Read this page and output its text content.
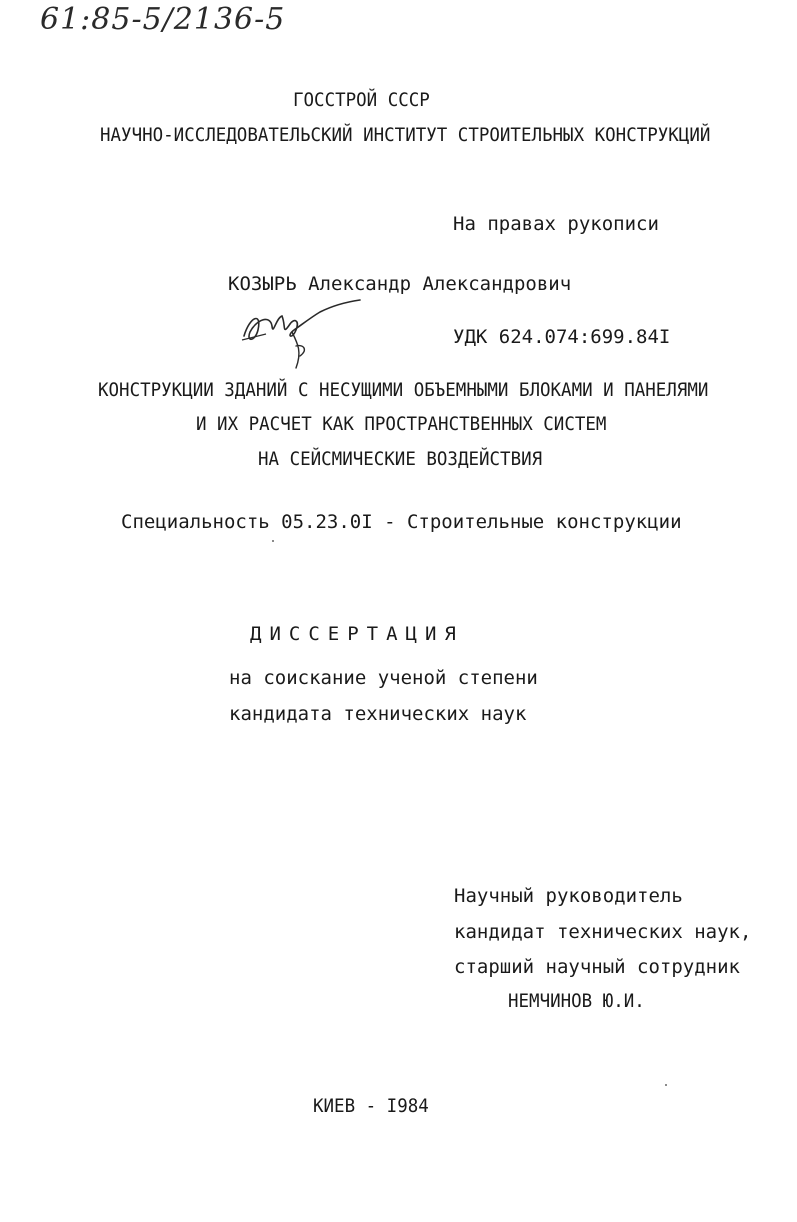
61:85-5/2136-5
ГОССТРОЙ СССР
НАУЧНО-ИССЛЕДОВАТЕЛЬСКИЙ ИНСТИТУТ СТРОИТЕЛЬНЫХ КОНСТРУКЦИЙ
На правах рукописи
КОЗЫРЬ Александр Александрович
УДК 624.074:699.84I
КОНСТРУКЦИИ ЗДАНИЙ С НЕСУЩИМИ ОБЪЕМНЫМИ БЛОКАМИ И ПАНЕЛЯМИ
И ИХ РАСЧЕТ КАК ПРОСТРАНСТВЕННЫХ СИСТЕМ
НА СЕЙСМИЧЕСКИЕ ВОЗДЕЙСТВИЯ
Специальность 05.23.0I - Строительные конструкции
ДИССЕРТАЦИЯ
на соискание ученой степени
кандидата технических наук
Научный руководитель
кандидат технических наук,
старший научный сотрудник
НЕМЧИНОВ Ю.И.
КИЕВ - I984
